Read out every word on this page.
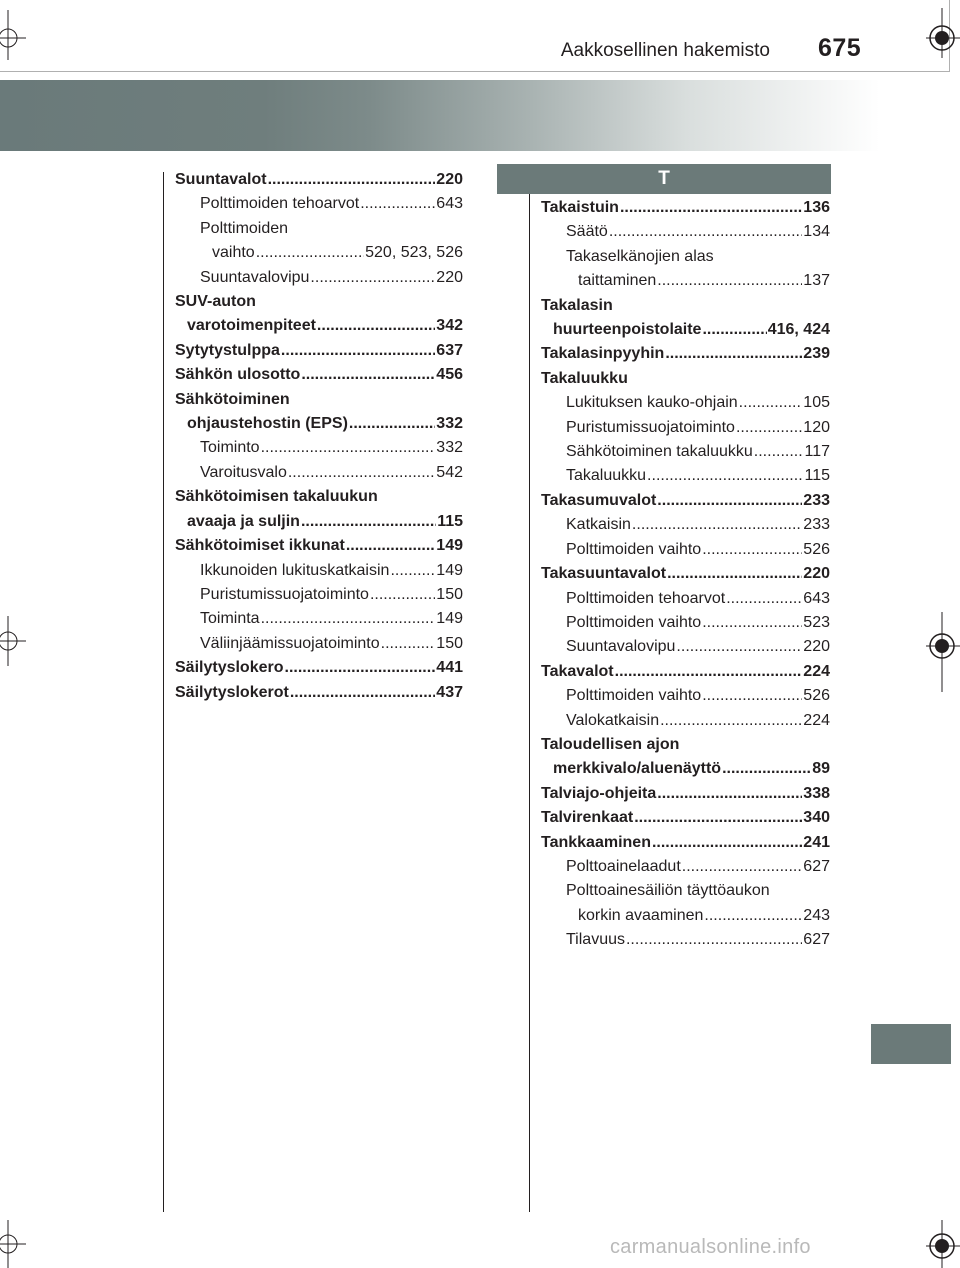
Aakkosellinen hakemisto 675
T
Suuntavalot .....	220
Polttimoiden tehoarvot .....	643
Polttimoiden
vaihto .....	520, 523, 526
Suuntavalovipu .....	220
SUV-auton
varotoimenpiteet .....	342
Sytytystulppa .....	637
Sähkön ulosotto .....	456
Sähkötoiminen
ohjaustehostin (EPS) .....	332
Toiminto .....	332
Varoitusvalo .....	542
Sähkötoimisen takaluukun
avaaja ja suljin .....	115
Sähkötoimiset ikkunat .....	149
Ikkunoiden lukituskatkaisin .....	149
Puristumissuojatoiminto .....	150
Toiminta .....	149
Väliinjäämissuojatoiminto .....	150
Säilytyslokero .....	441
Säilytyslokerot .....	437
Takaistuin .....	136
Säätö .....	134
Takaselkänojien alas
taittaminen .....	137
Takalasin
huurteenpoistolaite .....	416, 424
Takalasinpyyhin .....	239
Takaluukku
Lukituksen kauko-ohjain .....	105
Puristumissuojatoiminto .....	120
Sähkötoiminen takaluukku .....	117
Takaluukku .....	115
Takasumuvalot .....	233
Katkaisin .....	233
Polttimoiden vaihto .....	526
Takasuuntavalot .....	220
Polttimoiden tehoarvot .....	643
Polttimoiden vaihto .....	523
Suuntavalovipu .....	220
Takavalot .....	224
Polttimoiden vaihto .....	526
Valokatkaisin .....	224
Taloudellisen ajon
merkkivalo/aluenäyttö .....	89
Talviajo-ohjeita .....	338
Talvirenkaat .....	340
Tankkaaminen .....	241
Polttoainelaadut .....	627
Polttoainesäiliön täyttöaukon
korkin avaaminen .....	243
Tilavuus .....	627
carmanualsonline.info
